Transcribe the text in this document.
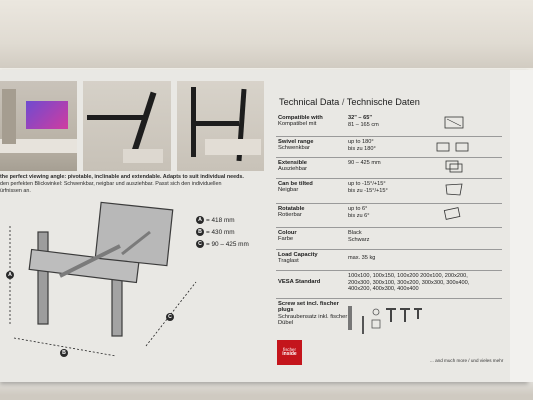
the perfect viewing angle: pivotable, inclinable and extendable. Adapts to suit individual needs.
den perfekten Blickwinkel: Schwenkbar, neigbar und ausziehbar. Passt sich den individuellen
ürfnissen an.
A
B
C
A = 418 mm
B = 430 mm
C = 90 – 425 mm
Technical Data / Technische Daten
Compatible with
Kompatibel mit
32" – 65"
81 – 165 cm
Swivel range
Schwenkbar
up to 180°
bis zu 180°
Extensible
Ausziehbar
90 – 425 mm
Can be tilted
Neigbar
up to -15°/+15°
bis zu -15°/+15°
Rotatable
Rotierbar
up to 6°
bis zu 6°
Colour
Farbe
Black
Schwarz
Load Capacity
Traglast
max. 35 kg
VESA Standard
100x100, 100x150, 100x200 200x100, 200x200,
200x300, 300x100, 300x200, 300x300, 300x400,
400x200, 400x300, 400x400
Screw set incl. fischer plugs
Schraubensatz inkl. fischer Dübel
fischer
inside
... and much more / und vieles mehr
